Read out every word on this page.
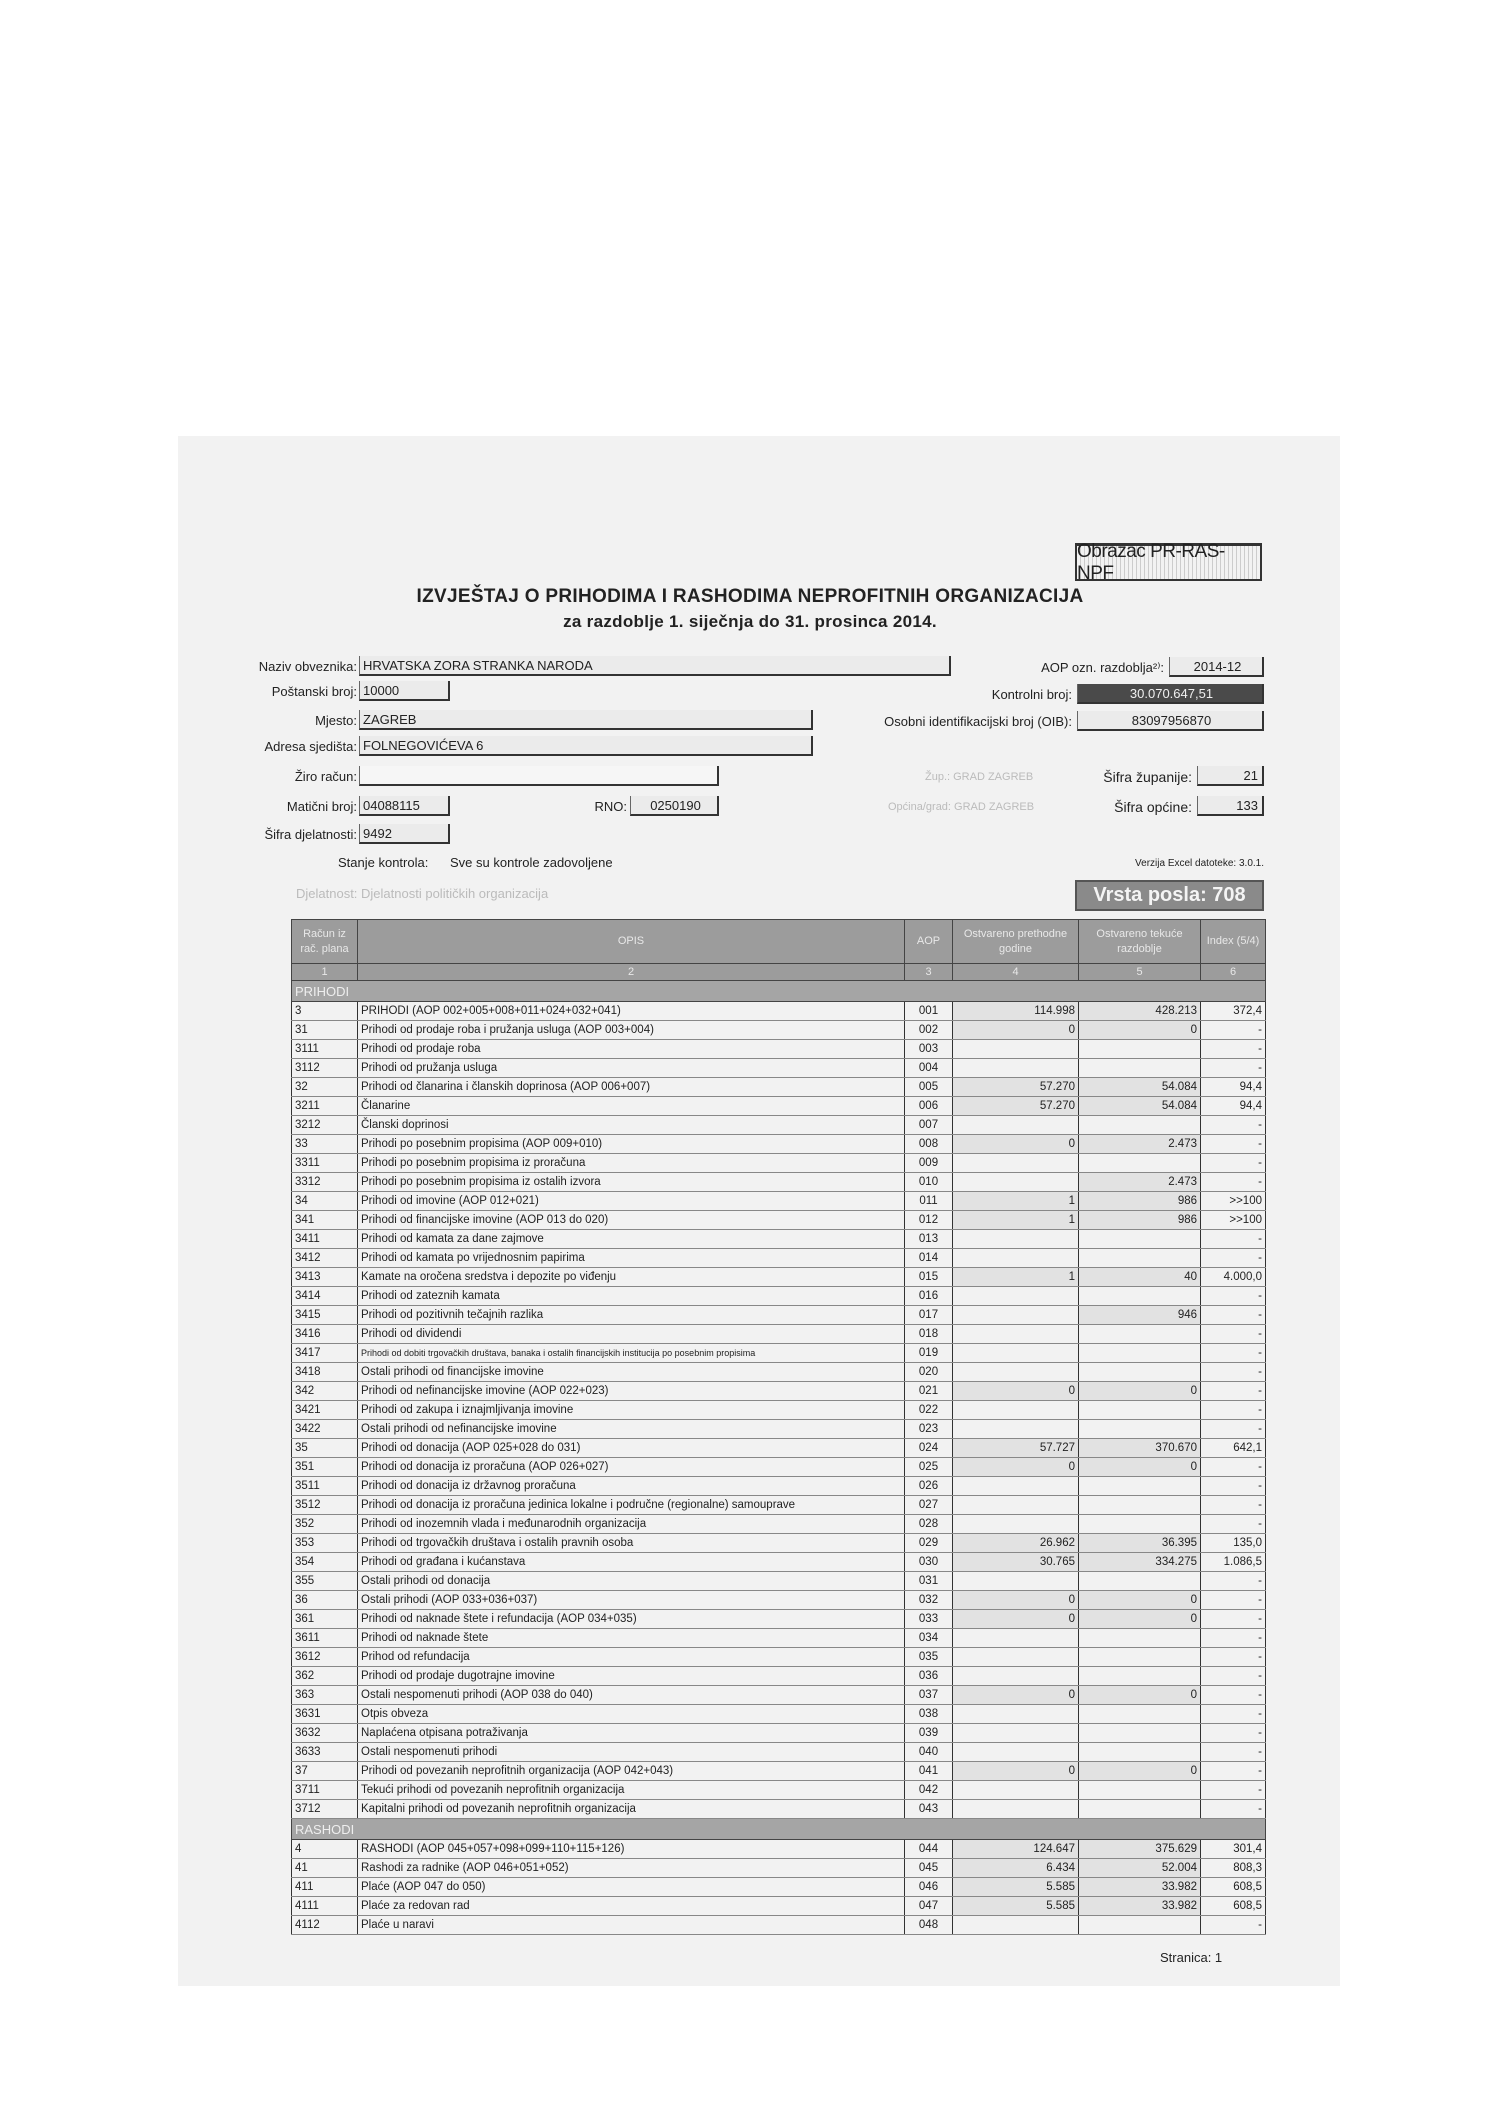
Obrazac PR-RAS-NPF
IZVJEŠTAJ O PRIHODIMA I RASHODIMA NEPROFITNIH ORGANIZACIJA
za razdoblje 1. siječnja do 31. prosinca 2014.
Naziv obveznika: HRVATSKA ZORA STRANKA NARODA
Poštanski broj: 10000
Mjesto: ZAGREB
Adresa sjedišta: FOLNEGOVIĆEVA 6
Žiro račun:
Matični broj: 04088115	RNO:	0250190
Šifra djelatnosti: 9492
Stanje kontrola: Sve su kontrole zadovoljene
Djelatnost: Djelatnosti političkih organizacija
AOP ozn. razdoblja²⁾:	2014-12
Kontrolni broj:	30.070.647,51
Osobni identifikacijski broj (OIB):	83097956870
Žup.: GRAD ZAGREB	Šifra županije:	21
Općina/grad: GRAD ZAGREB	Šifra općine:	133
Verzija Excel datoteke: 3.0.1.
Vrsta posla: 708
Račun iz rač. plana	OPIS	AOP	Ostvareno prethodne godine	Ostvareno tekuće razdoblje	Index (5/4)
1	2	3	4	5	6
PRIHODI					
3	PRIHODI (AOP 002+005+008+011+024+032+041)	001	114.998	428.213	372,4
31	Prihodi od prodaje roba i pružanja usluga (AOP 003+004)	002	0	0	-
3111	Prihodi od prodaje roba	003			-
3112	Prihodi od pružanja usluga	004			-
32	Prihodi od članarina i članskih doprinosa (AOP 006+007)	005	57.270	54.084	94,4
3211	Članarine	006	57.270	54.084	94,4
3212	Članski doprinosi	007			-
33	Prihodi po posebnim propisima (AOP 009+010)	008	0	2.473	-
3311	Prihodi po posebnim propisima iz proračuna	009			-
3312	Prihodi po posebnim propisima iz ostalih izvora	010		2.473	-
34	Prihodi od imovine (AOP 012+021)	011	1	986	>>100
341	Prihodi od financijske imovine (AOP 013 do 020)	012	1	986	>>100
3411	Prihodi od kamata za dane zajmove	013			-
3412	Prihodi od kamata po vrijednosnim papirima	014			-
3413	Kamate na oročena sredstva i depozite po viđenju	015	1	40	4.000,0
3414	Prihodi od zateznih kamata	016			-
3415	Prihodi od pozitivnih tečajnih razlika	017		946	-
3416	Prihodi od dividendi	018			-
3417	Prihodi od dobiti trgovačkih društava, banaka i ostalih financijskih institucija po posebnim propisima	019			-
3418	Ostali prihodi od financijske imovine	020			-
342	Prihodi od nefinancijske imovine (AOP 022+023)	021	0	0	-
3421	Prihodi od zakupa i iznajmljivanja imovine	022			-
3422	Ostali prihodi od nefinancijske imovine	023			-
35	Prihodi od donacija (AOP 025+028 do 031)	024	57.727	370.670	642,1
351	Prihodi od donacija iz proračuna (AOP 026+027)	025	0	0	-
3511	Prihodi od donacija iz državnog proračuna	026			-
3512	Prihodi od donacija iz proračuna jedinica lokalne i područne (regionalne) samouprave	027			-
352	Prihodi od inozemnih vlada i međunarodnih organizacija	028			-
353	Prihodi od trgovačkih društava i ostalih pravnih osoba	029	26.962	36.395	135,0
354	Prihodi od građana i kućanstava	030	30.765	334.275	1.086,5
355	Ostali prihodi od donacija	031			-
36	Ostali prihodi (AOP 033+036+037)	032	0	0	-
361	Prihodi od naknade štete i refundacija (AOP 034+035)	033	0	0	-
3611	Prihodi od naknade štete	034			-
3612	Prihod od refundacija	035			-
362	Prihodi od prodaje dugotrajne imovine	036			-
363	Ostali nespomenuti prihodi (AOP 038 do 040)	037	0	0	-
3631	Otpis obveza	038			-
3632	Naplaćena otpisana potraživanja	039			-
3633	Ostali nespomenuti prihodi	040			-
37	Prihodi od povezanih neprofitnih organizacija (AOP 042+043)	041	0	0	-
3711	Tekući prihodi od povezanih neprofitnih organizacija	042			-
3712	Kapitalni prihodi od povezanih neprofitnih organizacija	043			-
RASHODI					
4	RASHODI (AOP 045+057+098+099+110+115+126)	044	124.647	375.629	301,4
41	Rashodi za radnike (AOP 046+051+052)	045	6.434	52.004	808,3
411	Plaće (AOP 047 do 050)	046	5.585	33.982	608,5
4111	Plaće za redovan rad	047	5.585	33.982	608,5
4112	Plaće u naravi	048			-
Stranica: 1
